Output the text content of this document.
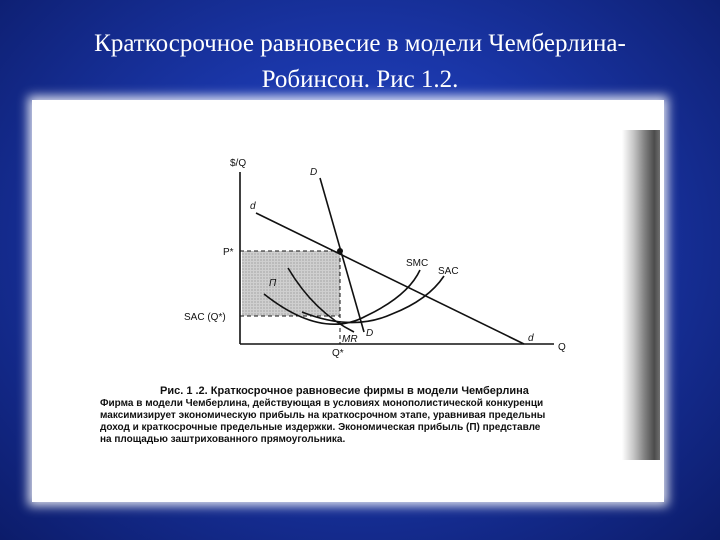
Краткосрочное равновесие в модели Чемберлина-
Робинсон. Рис 1.2.
$/Q
Q
P*
SAC (Q*)
Q*
П
d
d
D
D
MR
SMC
SAC
Рис. 1 .2. Краткосрочное равновесие фирмы в модели Чемберлина
Фирма в модели Чемберлина, действующая в условиях монополистической конкуренци
максимизирует экономическую прибыль на краткосрочном этапе, уравнивая предельны
доход и краткосрочные предельные издержки. Экономическая прибыль (П) представле
на площадью заштрихованного прямоугольника.
